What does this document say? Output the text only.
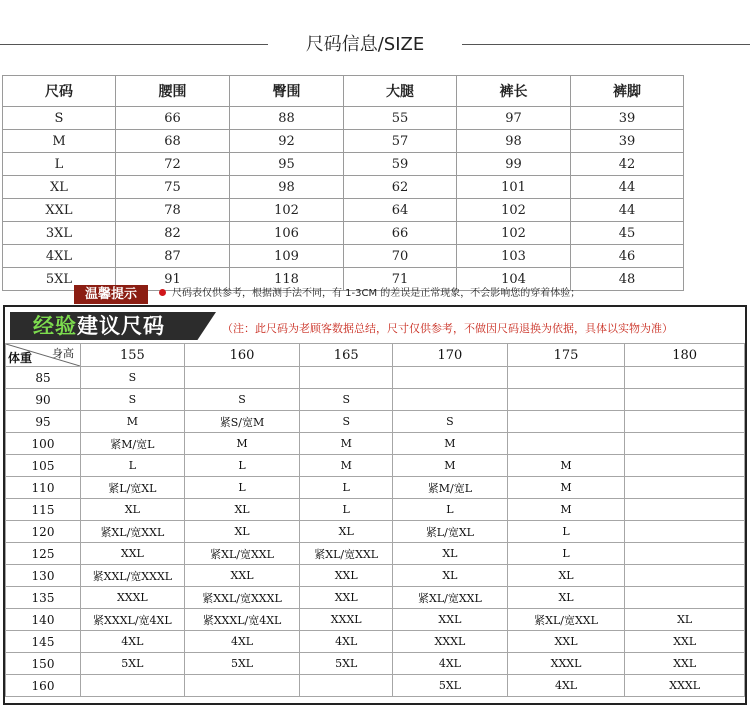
尺码信息/SIZE
尺码	腰围	臀围	大腿	裤长	裤脚	
S	66	88	55	97	39	
M	68	92	57	98	39	
L	72	95	59	99	42	
XL	75	98	62	101	44	
XXL	78	102	64	102	44	
3XL	82	106	66	102	45	
4XL	87	109	70	103	46	
5XL	91	118	71	104	48	
温馨提示	尺码表仅供参考，根据测手法不同，有 1-3CM 的差误是正常现象，不会影响您的穿着体验；
经验建议尺码	（注：此尺码为老顾客数据总结，尺寸仅供参考，不做因尺码退换为依据，具体以实物为准）
身高
体重	155	160	165	170	175	180
85	S					
90	S	S	S			
95	M	紧S/宽M	S	S		
100	紧M/宽L	M	M	M		
105	L	L	M	M	M	
110	紧L/宽XL	L	L	紧M/宽L	M	
115	XL	XL	L	L	M	
120	紧XL/宽XXL	XL	XL	紧L/宽XL	L	
125	XXL	紧XL/宽XXL	紧XL/宽XXL	XL	L	
130	紧XXL/宽XXXL	XXL	XXL	XL	XL	
135	XXXL	紧XXL/宽XXXL	XXL	紧XL/宽XXL	XL	
140	紧XXXL/宽4XL	紧XXXL/宽4XL	XXXL	XXL	紧XL/宽XXL	XL
145	4XL	4XL	4XL	XXXL	XXL	XXL
150	5XL	5XL	5XL	4XL	XXXL	XXL
160				5XL	4XL	XXXL
